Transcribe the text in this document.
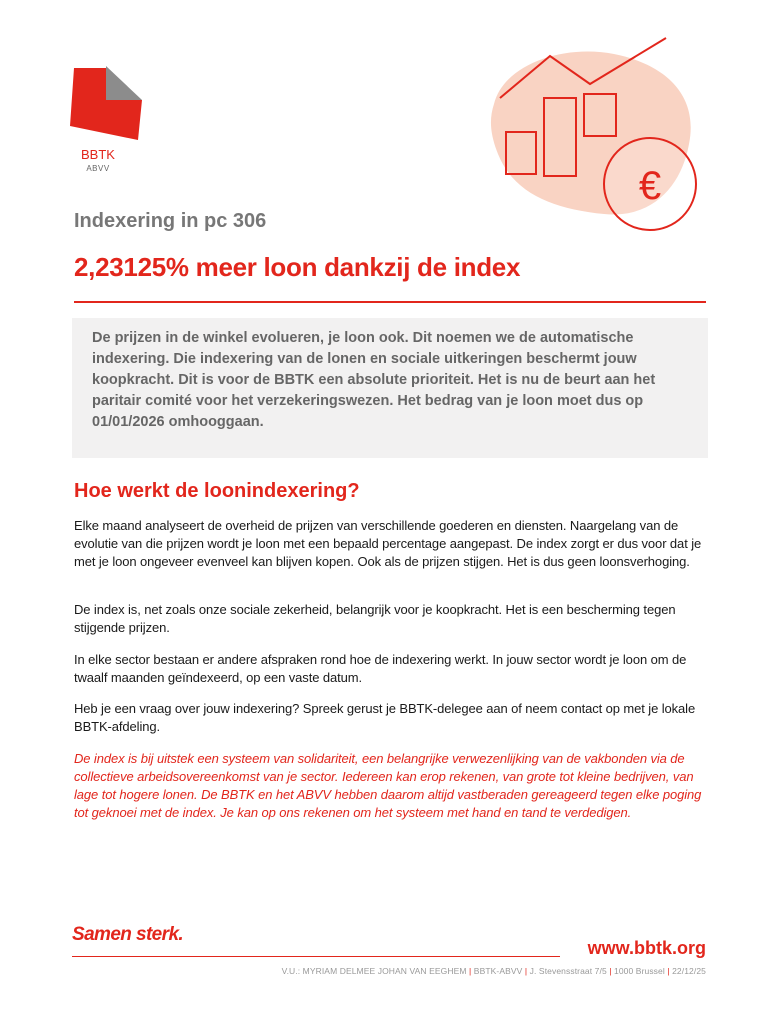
BBTK
ABVV	€
Indexering in pc 306
2,23125% meer loon dankzij de index

De prijzen in de winkel evolueren, je loon ook. Dit noemen we de automatische indexering. Die indexering van de lonen en sociale uitkeringen beschermt jouw koopkracht. Dit is voor de BBTK een absolute prioriteit. Het is nu de beurt aan het paritair comité voor het verzekeringswezen. Het bedrag van je loon moet dus op 01/01/2026 omhooggaan.

Hoe werkt de loonindexering?

Elke maand analyseert de overheid de prijzen van verschillende goederen en diensten. Naargelang van de evolutie van die prijzen wordt je loon met een bepaald percentage aangepast. De index zorgt er dus voor dat je met je loon ongeveer evenveel kan blijven kopen. Ook als de prijzen stijgen. Het is dus geen loonsverhoging.

De index is, net zoals onze sociale zekerheid, belangrijk voor je koopkracht. Het is een bescherming tegen stijgende prijzen.

In elke sector bestaan er andere afspraken rond hoe de indexering werkt. In jouw sector wordt je loon om de twaalf maanden geïndexeerd, op een vaste datum.

Heb je een vraag over jouw indexering? Spreek gerust je BBTK-delegee aan of neem contact op met je lokale BBTK-afdeling.

De index is bij uitstek een systeem van solidariteit, een belangrijke verwezenlijking van de vakbonden via de collectieve arbeidsovereenkomst van je sector. Iedereen kan erop rekenen, van grote tot kleine bedrijven, van lage tot hogere lonen. De BBTK en het ABVV hebben daarom altijd vastberaden gereageerd tegen elke poging tot geknoei met de index. Je kan op ons rekenen om het systeem met hand en tand te verdedigen.

Samen sterk.
www.bbtk.org
V.U.: MYRIAM DELMEE JOHAN VAN EEGHEM | BBTK-ABVV | J. Stevensstraat 7/5 | 1000 Brussel | 22/12/25
